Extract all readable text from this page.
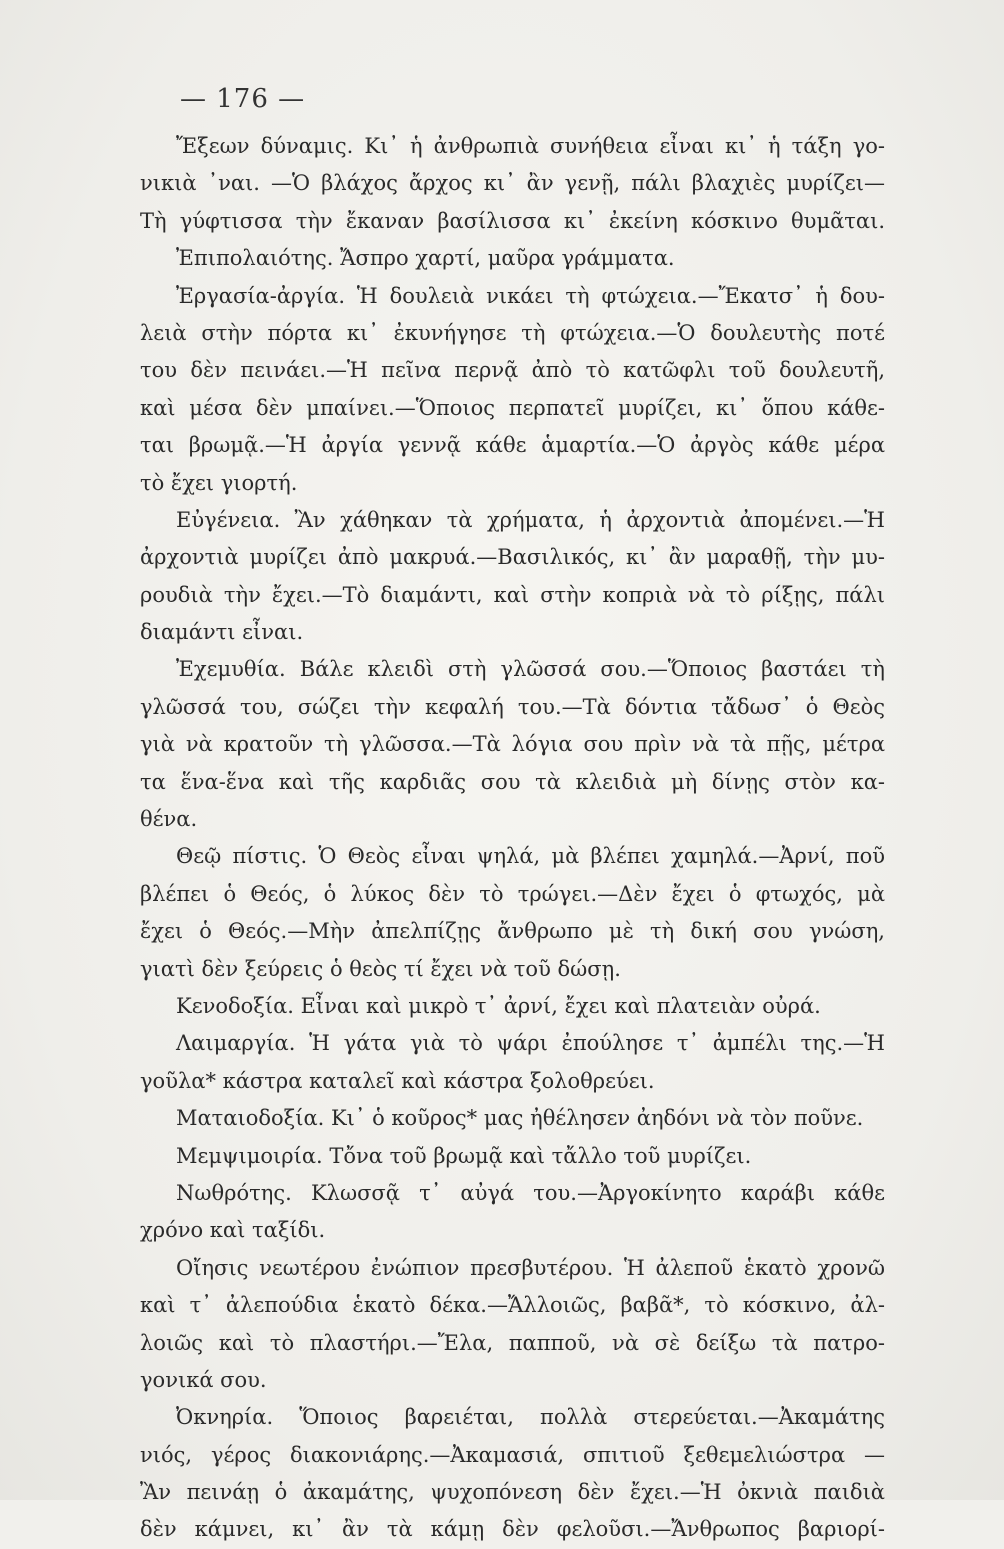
— 176 —
Ἔξεων δύναμις. Κι᾿ ἡ ἀνθρωπιὰ συνήθεια εἶναι κι᾿ ἡ τάξη γο-
νικιὰ ᾿ναι. —Ὁ βλάχος ἄρχος κι᾿ ἂν γενῇ, πάλι βλαχιὲς μυρίζει—
Τὴ γύφτισσα τὴν ἔκαναν βασίλισσα κι᾿ ἐκείνη κόσκινο θυμᾶται.
Ἐπιπολαιότης. Ἄσπρο χαρτί, μαῦρα γράμματα.
Ἐργασία-ἀργία. Ἡ δουλειὰ νικάει τὴ φτώχεια.—Ἔκατσ᾿ ἡ δου-
λειὰ στὴν πόρτα κι᾿ ἐκυνήγησε τὴ φτώχεια.—Ὁ δουλευτὴς ποτέ
του δὲν πεινάει.—Ἡ πεῖνα περνᾷ ἀπὸ τὸ κατῶφλι τοῦ δουλευτῆ,
καὶ μέσα δὲν μπαίνει.—Ὅποιος περπατεῖ μυρίζει, κι᾿ ὅπου κάθε-
ται βρωμᾷ.—Ἡ ἀργία γεννᾷ κάθε ἁμαρτία.—Ὁ ἀργὸς κάθε μέρα
τὸ ἔχει γιορτή.
Εὐγένεια. Ἂν χάθηκαν τὰ χρήματα, ἡ ἀρχοντιὰ ἀπομένει.—Ἡ
ἀρχοντιὰ μυρίζει ἀπὸ μακρυά.—Βασιλικός, κι᾿ ἂν μαραθῇ, τὴν μυ-
ρουδιὰ τὴν ἔχει.—Τὸ διαμάντι, καὶ στὴν κοπριὰ νὰ τὸ ρίξῃς, πάλι
διαμάντι εἶναι.
Ἐχεμυθία. Βάλε κλειδὶ στὴ γλῶσσά σου.—Ὅποιος βαστάει τὴ
γλῶσσά του, σώζει τὴν κεφαλή του.—Τὰ δόντια τἄδωσ᾿ ὁ Θεὸς
γιὰ νὰ κρατοῦν τὴ γλῶσσα.—Τὰ λόγια σου πρὶν νὰ τὰ πῇς, μέτρα
τα ἕνα-ἕνα καὶ τῆς καρδιᾶς σου τὰ κλειδιὰ μὴ δίνῃς στὸν κα-
θένα.
Θεῷ πίστις. Ὁ Θεὸς εἶναι ψηλά, μὰ βλέπει χαμηλά.—Ἀρνί, ποῦ
βλέπει ὁ Θεός, ὁ λύκος δὲν τὸ τρώγει.—Δὲν ἔχει ὁ φτωχός, μὰ
ἔχει ὁ Θεός.—Μὴν ἀπελπίζῃς ἄνθρωπο μὲ τὴ δική σου γνώση,
γιατὶ δὲν ξεύρεις ὁ θεὸς τί ἔχει νὰ τοῦ δώσῃ.
Κενοδοξία. Εἶναι καὶ μικρὸ τ᾿ ἀρνί, ἔχει καὶ πλατειὰν οὐρά.
Λαιμαργία. Ἡ γάτα γιὰ τὸ ψάρι ἐπούλησε τ᾿ ἀμπέλι της.—Ἡ
γοῦλα* κάστρα καταλεῖ καὶ κάστρα ξολοθρεύει.
Ματαιοδοξία. Κι᾿ ὁ κοῦρος* μας ἠθέλησεν ἀηδόνι νὰ τὸν ποῦνε.
Μεμψιμοιρία. Τὄνα τοῦ βρωμᾷ καὶ τἄλλο τοῦ μυρίζει.
Νωθρότης. Κλωσσᾷ τ᾿ αὐγά του.—Ἀργοκίνητο καράβι κάθε
χρόνο καὶ ταξίδι.
Οἴησις νεωτέρου ἐνώπιον πρεσβυτέρου. Ἡ ἀλεποῦ ἑκατὸ χρονῶ
καὶ τ᾿ ἀλεπούδια ἑκατὸ δέκα.—Ἄλλοιῶς, βαβᾶ*, τὸ κόσκινο, ἀλ-
λοιῶς καὶ τὸ πλαστήρι.—Ἔλα, παπποῦ, νὰ σὲ δείξω τὰ πατρο-
γονικά σου.
Ὀκνηρία. Ὅποιος βαρειέται, πολλὰ στερεύεται.—Ἀκαμάτης
νιός, γέρος διακονιάρης.—Ἀκαμασιά, σπιτιοῦ ξεθεμελιώστρα —
Ἂν πεινάῃ ὁ ἀκαμάτης, ψυχοπόνεση δὲν ἔχει.—Ἡ ὀκνιὰ παιδιὰ
δὲν κάμνει, κι᾿ ἂν τὰ κάμῃ δὲν φελοῦσι.—Ἄνθρωπος βαριορί-
